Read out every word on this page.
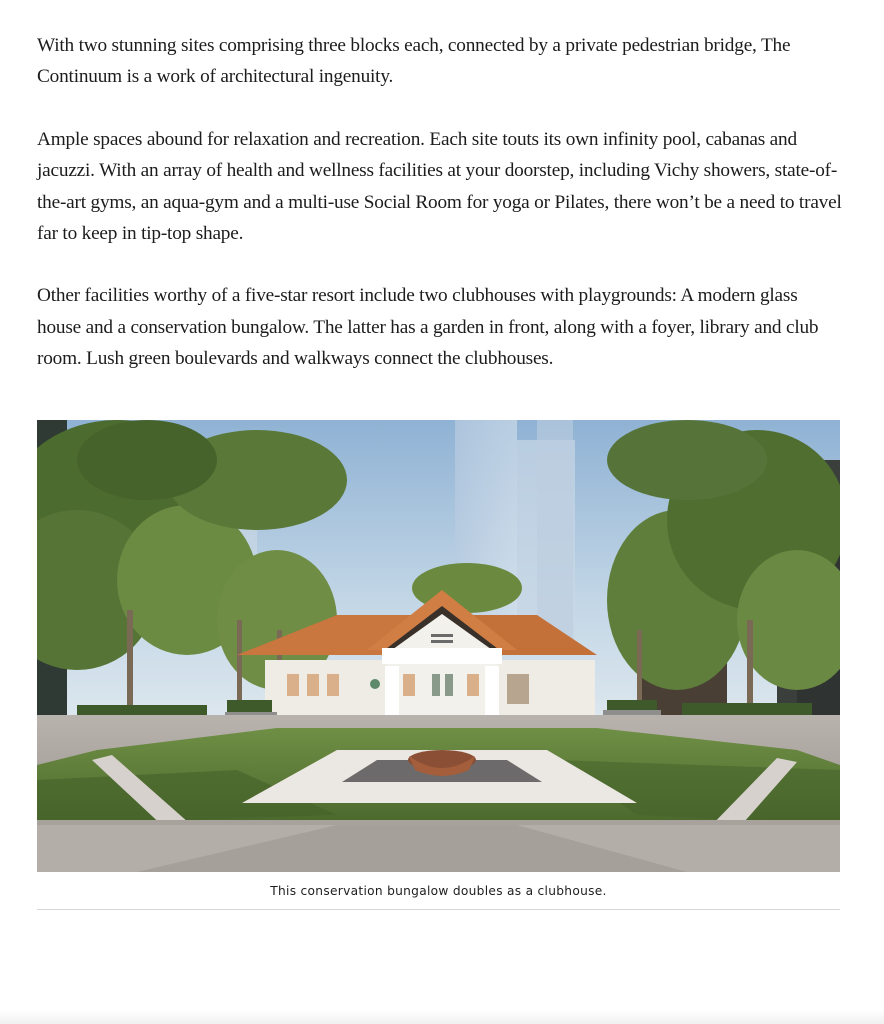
With two stunning sites comprising three blocks each, connected by a private pedestrian bridge, The Continuum is a work of architectural ingenuity.

Ample spaces abound for relaxation and recreation. Each site touts its own infinity pool, cabanas and jacuzzi. With an array of health and wellness facilities at your doorstep, including Vichy showers, state-of-the-art gyms, an aqua-gym and a multi-use Social Room for yoga or Pilates, there won’t be a need to travel far to keep in tip-top shape.

Other facilities worthy of a five-star resort include two clubhouses with playgrounds: A modern glass house and a conservation bungalow. The latter has a garden in front, along with a foyer, library and club room. Lush green boulevards and walkways connect the clubhouses.

This conservation bungalow doubles as a clubhouse.
